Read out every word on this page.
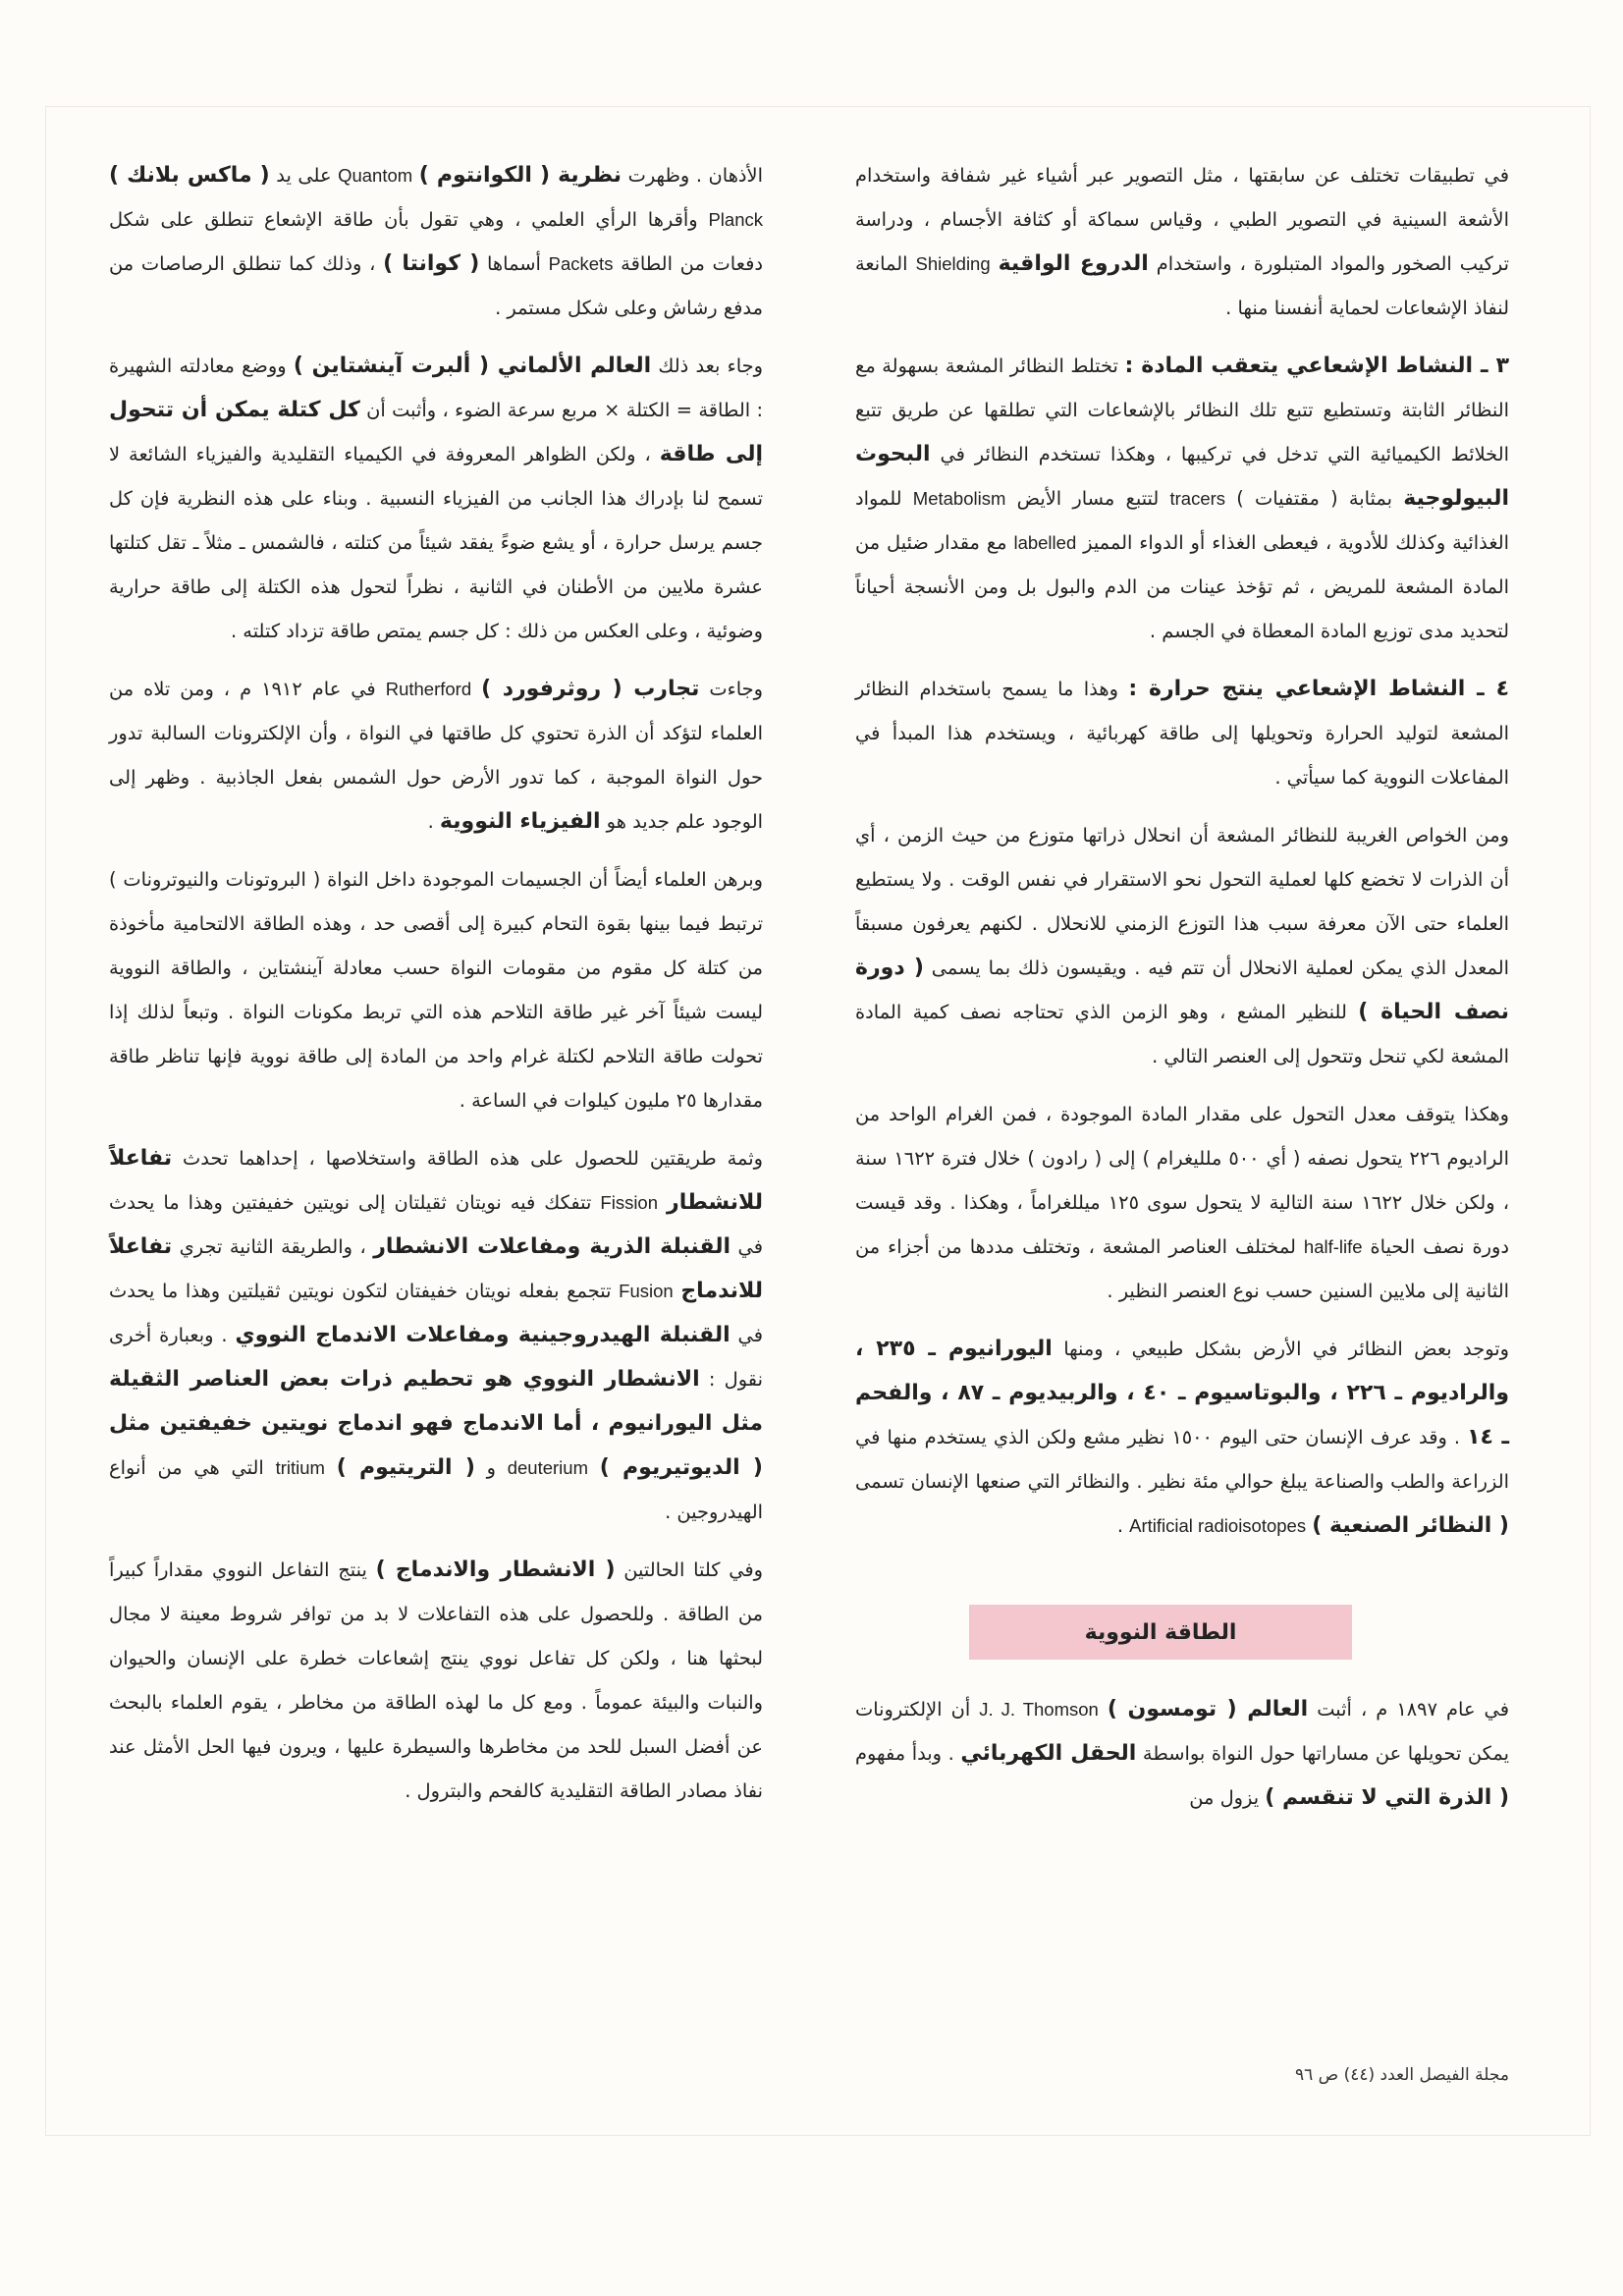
في تطبيقات تختلف عن سابقتها ، مثل التصوير عبر أشياء غير شفافة واستخدام الأشعة السينية في التصوير الطبي ، وقياس سماكة أو كثافة الأجسام ، ودراسة تركيب الصخور والمواد المتبلورة ، واستخدام الدروع الواقية Shielding المانعة لنفاذ الإشعاعات لحماية أنفسنا منها .

٣ ـ النشاط الإشعاعي يتعقب المادة : تختلط النظائر المشعة بسهولة مع النظائر الثابتة وتستطيع تتبع تلك النظائر بالإشعاعات التي تطلقها عن طريق تتبع الخلائط الكيميائية التي تدخل في تركيبها ، وهكذا تستخدم النظائر في البحوث البيولوجية بمثابة ( مقتفيات ) tracers لتتبع مسار الأيض Metabolism للمواد الغذائية وكذلك للأدوية ، فيعطى الغذاء أو الدواء المميز labelled مع مقدار ضئيل من المادة المشعة للمريض ، ثم تؤخذ عينات من الدم والبول بل ومن الأنسجة أحياناً لتحديد مدى توزيع المادة المعطاة في الجسم .

٤ ـ النشاط الإشعاعي ينتج حرارة : وهذا ما يسمح باستخدام النظائر المشعة لتوليد الحرارة وتحويلها إلى طاقة كهربائية ، ويستخدم هذا المبدأ في المفاعلات النووية كما سيأتي .

ومن الخواص الغريبة للنظائر المشعة أن انحلال ذراتها متوزع من حيث الزمن ، أي أن الذرات لا تخضع كلها لعملية التحول نحو الاستقرار في نفس الوقت . ولا يستطيع العلماء حتى الآن معرفة سبب هذا التوزع الزمني للانحلال . لكنهم يعرفون مسبقاً المعدل الذي يمكن لعملية الانحلال أن تتم فيه . ويقيسون ذلك بما يسمى ( دورة نصف الحياة ) للنظير المشع ، وهو الزمن الذي تحتاجه نصف كمية المادة المشعة لكي تنحل وتتحول إلى العنصر التالي .

وهكذا يتوقف معدل التحول على مقدار المادة الموجودة ، فمن الغرام الواحد من الراديوم ٢٢٦ يتحول نصفه ( أي ٥٠٠ ملليغرام ) إلى ( رادون ) خلال فترة ١٦٢٢ سنة ، ولكن خلال ١٦٢٢ سنة التالية لا يتحول سوى ١٢٥ ميللغراماً ، وهكذا . وقد قيست دورة نصف الحياة half-life لمختلف العناصر المشعة ، وتختلف مددها من أجزاء من الثانية إلى ملايين السنين حسب نوع العنصر النظير .

وتوجد بعض النظائر في الأرض بشكل طبيعي ، ومنها اليورانيوم ـ ٢٣٥ ، والراديوم ـ ٢٢٦ ، والبوتاسيوم ـ ٤٠ ، والربيديوم ـ ٨٧ ، والفحم ـ ١٤ . وقد عرف الإنسان حتى اليوم ١٥٠٠ نظير مشع ولكن الذي يستخدم منها في الزراعة والطب والصناعة يبلغ حوالي مئة نظير . والنظائر التي صنعها الإنسان تسمى ( النظائر الصنعية ) Artificial radioisotopes .

الطاقة النووية

في عام ١٨٩٧ م ، أثبت العالم ( تومسون ) J. J. Thomson أن الإلكترونات يمكن تحويلها عن مساراتها حول النواة بواسطة الحقل الكهربائي . وبدأ مفهوم ( الذرة التي لا تنقسم ) يزول من

الأذهان . وظهرت نظرية ( الكوانتوم ) Quantom على يد ( ماكس بلانك ) Planck وأقرها الرأي العلمي ، وهي تقول بأن طاقة الإشعاع تنطلق على شكل دفعات من الطاقة Packets أسماها ( كوانتا ) ، وذلك كما تنطلق الرصاصات من مدفع رشاش وعلى شكل مستمر .

وجاء بعد ذلك العالم الألماني ( ألبرت آينشتاين ) ووضع معادلته الشهيرة : الطاقة = الكتلة × مربع سرعة الضوء ، وأثبت أن كل كتلة يمكن أن تتحول إلى طاقة ، ولكن الظواهر المعروفة في الكيمياء التقليدية والفيزياء الشائعة لا تسمح لنا بإدراك هذا الجانب من الفيزياء النسبية . وبناء على هذه النظرية فإن كل جسم يرسل حرارة ، أو يشع ضوءً يفقد شيئاً من كتلته ، فالشمس ـ مثلاً ـ تقل كتلتها عشرة ملايين من الأطنان في الثانية ، نظراً لتحول هذه الكتلة إلى طاقة حرارية وضوئية ، وعلى العكس من ذلك : كل جسم يمتص طاقة تزداد كتلته .

وجاءت تجارب ( روثرفورد ) Rutherford في عام ١٩١٢ م ، ومن تلاه من العلماء لتؤكد أن الذرة تحتوي كل طاقتها في النواة ، وأن الإلكترونات السالبة تدور حول النواة الموجبة ، كما تدور الأرض حول الشمس بفعل الجاذبية . وظهر إلى الوجود علم جديد هو الفيزياء النووية .

وبرهن العلماء أيضاً أن الجسيمات الموجودة داخل النواة ( البروتونات والنيوترونات ) ترتبط فيما بينها بقوة التحام كبيرة إلى أقصى حد ، وهذه الطاقة الالتحامية مأخوذة من كتلة كل مقوم من مقومات النواة حسب معادلة آينشتاين ، والطاقة النووية ليست شيئاً آخر غير طاقة التلاحم هذه التي تربط مكونات النواة . وتبعاً لذلك إذا تحولت طاقة التلاحم لكتلة غرام واحد من المادة إلى طاقة نووية فإنها تناظر طاقة مقدارها ٢٥ مليون كيلوات في الساعة .

وثمة طريقتين للحصول على هذه الطاقة واستخلاصها ، إحداهما تحدث تفاعلاً للانشطار Fission تتفكك فيه نويتان ثقيلتان إلى نويتين خفيفتين وهذا ما يحدث في القنبلة الذرية ومفاعلات الانشطار ، والطريقة الثانية تجري تفاعلاً للاندماج Fusion تتجمع بفعله نويتان خفيفتان لتكون نويتين ثقيلتين وهذا ما يحدث في القنبلة الهيدروجينية ومفاعلات الاندماج النووي . وبعبارة أخرى نقول : الانشطار النووي هو تحطيم ذرات بعض العناصر الثقيلة مثل اليورانيوم ، أما الاندماج فهو اندماج نويتين خفيفتين مثل ( الديوتيريوم ) deuterium و ( التريتيوم ) tritium التي هي من أنواع الهيدروجين .

وفي كلتا الحالتين ( الانشطار والاندماج ) ينتج التفاعل النووي مقداراً كبيراً من الطاقة . وللحصول على هذه التفاعلات لا بد من توافر شروط معينة لا مجال لبحثها هنا ، ولكن كل تفاعل نووي ينتج إشعاعات خطرة على الإنسان والحيوان والنبات والبيئة عموماً . ومع كل ما لهذه الطاقة من مخاطر ، يقوم العلماء بالبحث عن أفضل السبل للحد من مخاطرها والسيطرة عليها ، ويرون فيها الحل الأمثل عند نفاذ مصادر الطاقة التقليدية كالفحم والبترول .

مجلة الفيصل العدد (٤٤) ص ٩٦
